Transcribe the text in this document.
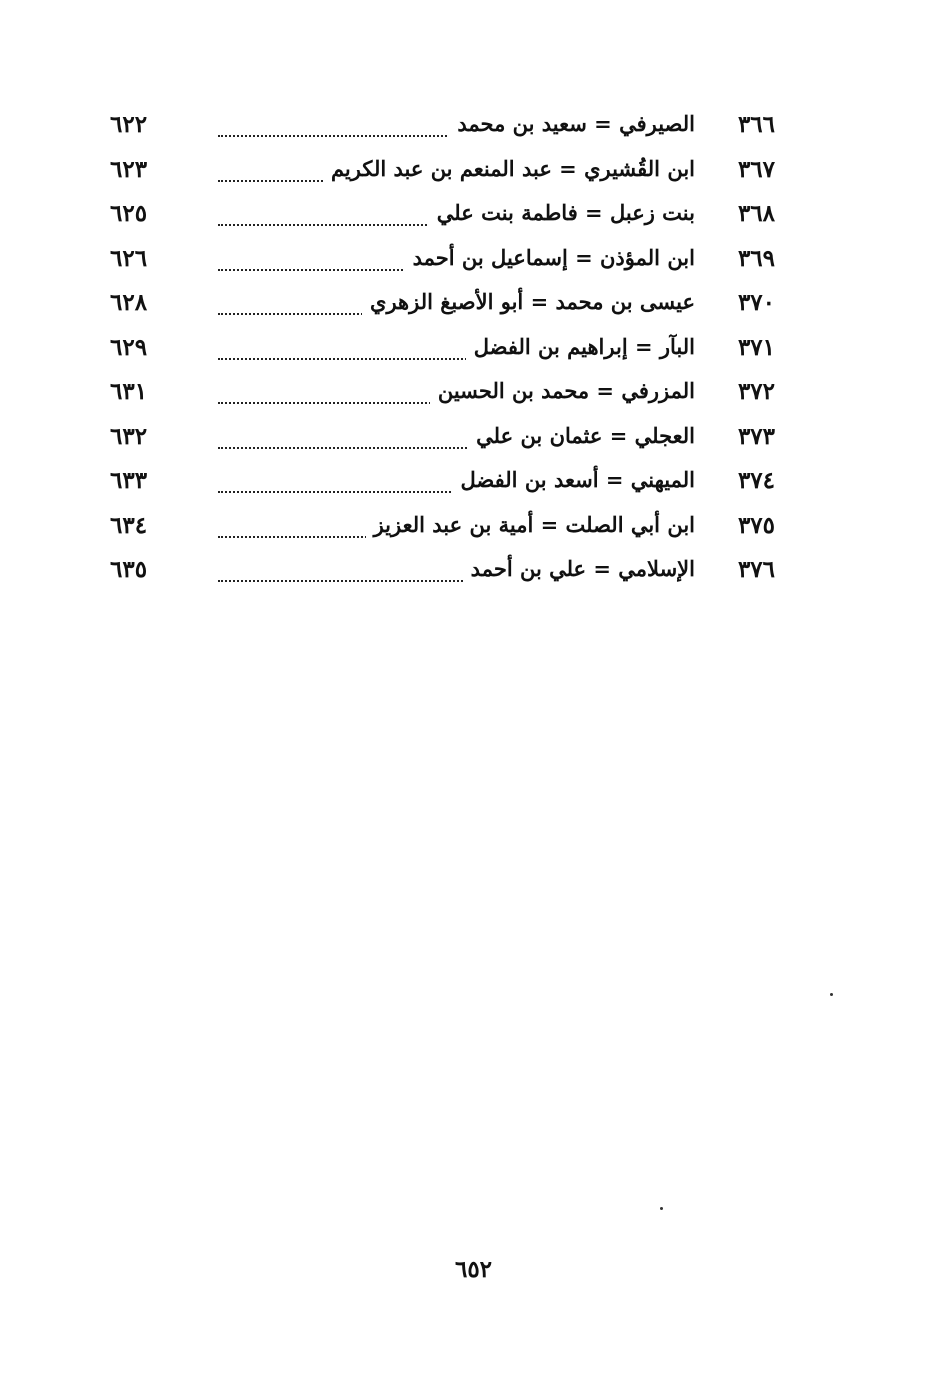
٣٦٦
الصيرفي = سعيد بن محمد
٦٢٢
٣٦٧
ابن القُشيري = عبد المنعم بن عبد الكريم
٦٢٣
٣٦٨
بنت زعبل = فاطمة بنت علي
٦٢٥
٣٦٩
ابن المؤذن = إسماعيل بن أحمد
٦٢٦
٣٧٠
عيسى بن محمد = أبو الأصبغ الزهري
٦٢٨
٣٧١
البآر = إبراهيم بن الفضل
٦٢٩
٣٧٢
المزرفي = محمد بن الحسين
٦٣١
٣٧٣
العجلي = عثمان بن علي
٦٣٢
٣٧٤
الميهني = أسعد بن الفضل
٦٣٣
٣٧٥
ابن أبي الصلت = أمية بن عبد العزيز
٦٣٤
٣٧٦
الإسلامي = علي بن أحمد
٦٣٥
٦٥٢
